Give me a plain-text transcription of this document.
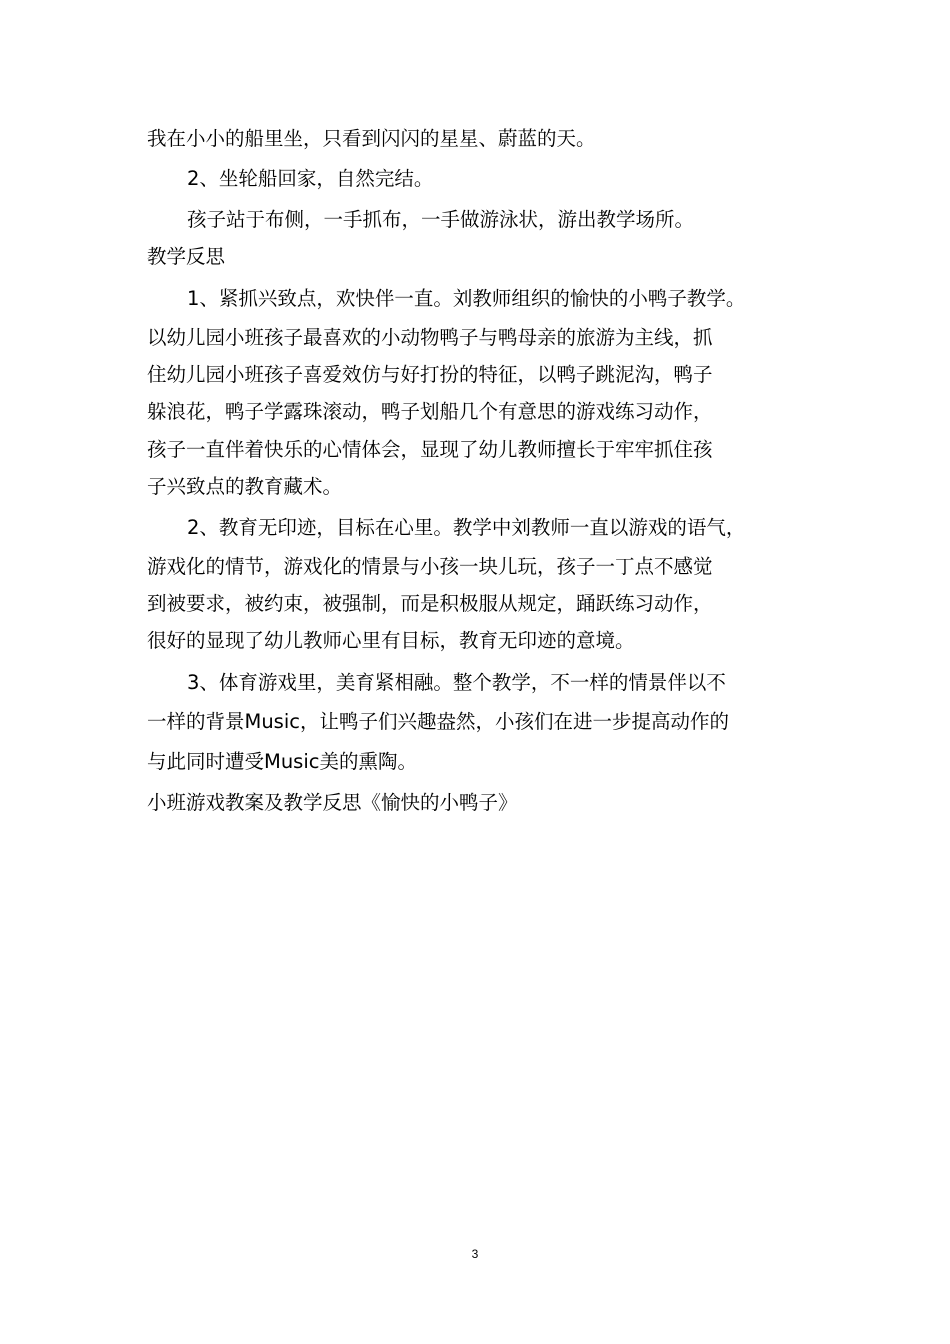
我在小小的船里坐，只看到闪闪的星星、蔚蓝的天。
2、坐轮船回家，自然完结。
孩子站于布侧，一手抓布，一手做游泳状，游出教学场所。
教学反思
1、紧抓兴致点，欢快伴一直。刘教师组织的愉快的小鸭子教学。
以幼儿园小班孩子最喜欢的小动物鸭子与鸭母亲的旅游为主线，抓
住幼儿园小班孩子喜爱效仿与好打扮的特征，以鸭子跳泥沟，鸭子
躲浪花，鸭子学露珠滚动，鸭子划船几个有意思的游戏练习动作，
孩子一直伴着快乐的心情体会，显现了幼儿教师擅长于牢牢抓住孩
子兴致点的教育藏术。
2、教育无印迹，目标在心里。教学中刘教师一直以游戏的语气，
游戏化的情节，游戏化的情景与小孩一块儿玩，孩子一丁点不感觉
到被要求，被约束，被强制，而是积极服从规定，踊跃练习动作，
很好的显现了幼儿教师心里有目标，教育无印迹的意境。
3、体育游戏里，美育紧相融。整个教学，不一样的情景伴以不
一样的背景Music，让鸭子们兴趣盎然，小孩们在进一步提高动作的
与此同时遭受Music美的熏陶。
小班游戏教案及教学反思《愉快的小鸭子》
3
